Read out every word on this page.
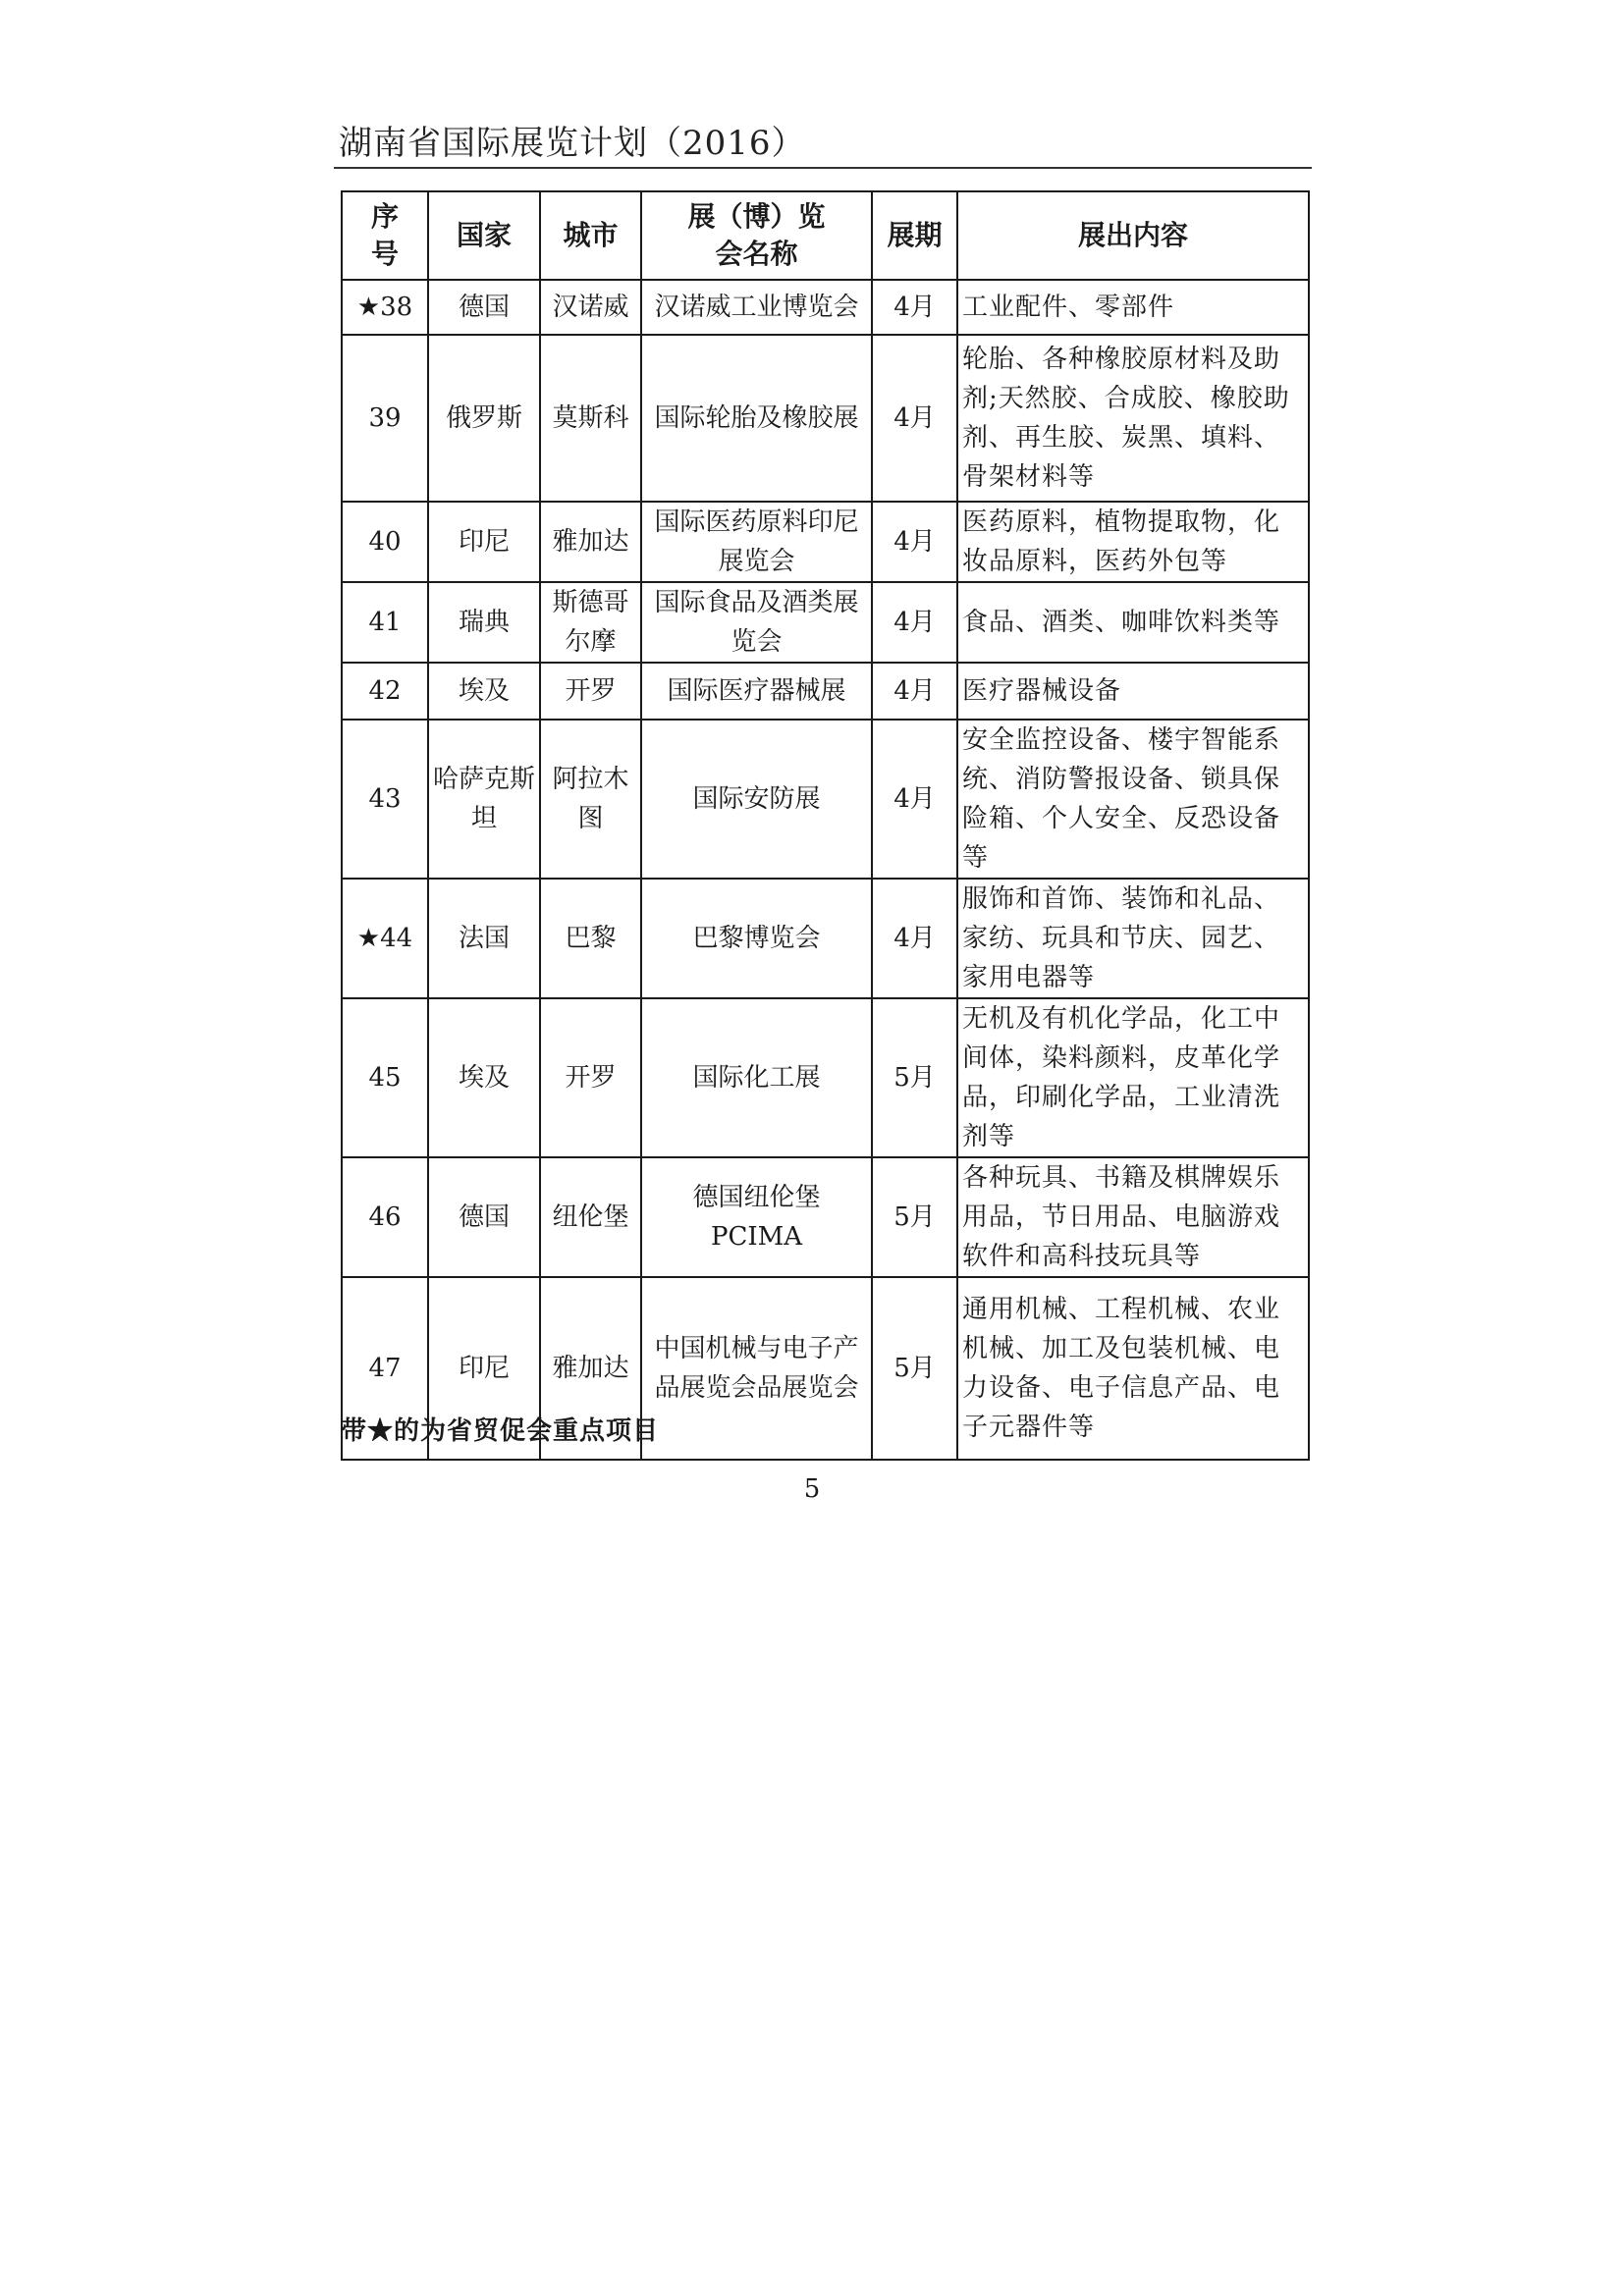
湖南省国际展览计划（2016）
序号	国家	城市	展（博）览会名称	展期	展出内容
★38	德国	汉诺威	汉诺威工业博览会	4月	工业配件、零部件
39	俄罗斯	莫斯科	国际轮胎及橡胶展	4月	轮胎、各种橡胶原材料及助剂;天然胶、合成胶、橡胶助剂、再生胶、炭黑、填料、骨架材料等
40	印尼	雅加达	国际医药原料印尼展览会	4月	医药原料，植物提取物，化妆品原料，医药外包等
41	瑞典	斯德哥尔摩	国际食品及酒类展览会	4月	食品、酒类、咖啡饮料类等
42	埃及	开罗	国际医疗器械展	4月	医疗器械设备
43	哈萨克斯坦	阿拉木图	国际安防展	4月	安全监控设备、楼宇智能系统、消防警报设备、锁具保险箱、个人安全、反恐设备等
★44	法国	巴黎	巴黎博览会	4月	服饰和首饰、装饰和礼品、家纺、玩具和节庆、园艺、家用电器等
45	埃及	开罗	国际化工展	5月	无机及有机化学品，化工中间体，染料颜料，皮革化学品，印刷化学品，工业清洗剂等
46	德国	纽伦堡	德国纽伦堡PCIMA	5月	各种玩具、书籍及棋牌娱乐用品，节日用品、电脑游戏软件和高科技玩具等
47	印尼	雅加达	中国机械与电子产品展览会品展览会	5月	通用机械、工程机械、农业机械、加工及包装机械、电力设备、电子信息产品、电子元器件等
带★的为省贸促会重点项目
5
